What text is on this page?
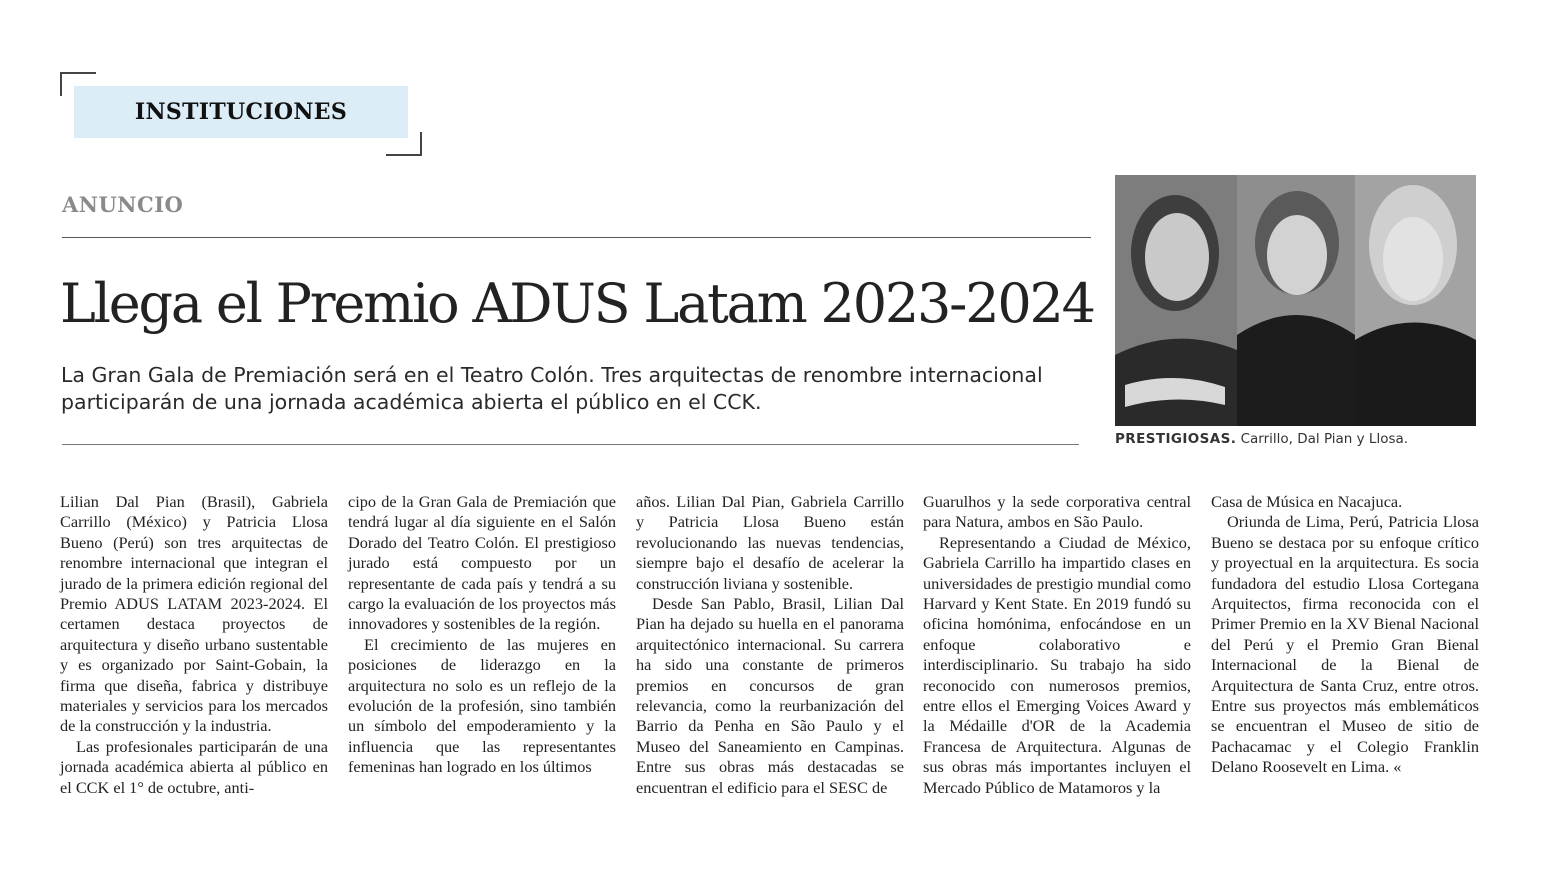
INSTITUCIONES
ANUNCIO
Llega el Premio ADUS Latam 2023-2024

La Gran Gala de Premiación será en el Teatro Colón. Tres arquitectas de renombre internacional participarán de una jornada académica abierta el público en el CCK.

PRESTIGIOSAS. Carrillo, Dal Pian y Llosa.

Lilian Dal Pian (Brasil), Gabriela Carrillo (México) y Patricia Llosa Bueno (Perú) son tres arquitectas de renombre internacional que integran el jurado de la primera edición regional del Premio ADUS LATAM 2023-2024. El certamen destaca proyectos de arquitectura y diseño urbano sustentable y es organizado por Saint-Gobain, la firma que diseña, fabrica y distribuye materiales y servicios para los mercados de la construcción y la industria.

Las profesionales participarán de una jornada académica abierta al público en el CCK el 1° de octubre, anti-

cipo de la Gran Gala de Premiación que tendrá lugar al día siguiente en el Salón Dorado del Teatro Colón. El prestigioso jurado está compuesto por un representante de cada país y tendrá a su cargo la evaluación de los proyectos más innovadores y sostenibles de la región.

El crecimiento de las mujeres en posiciones de liderazgo en la arquitectura no solo es un reflejo de la evolución de la profesión, sino también un símbolo del empoderamiento y la influencia que las representantes femeninas han logrado en los últimos

años. Lilian Dal Pian, Gabriela Carrillo y Patricia Llosa Bueno están revolucionando las nuevas tendencias, siempre bajo el desafío de acelerar la construcción liviana y sostenible.

Desde San Pablo, Brasil, Lilian Dal Pian ha dejado su huella en el panorama arquitectónico internacional. Su carrera ha sido una constante de primeros premios en concursos de gran relevancia, como la reurbanización del Barrio da Penha en São Paulo y el Museo del Saneamiento en Campinas. Entre sus obras más destacadas se encuentran el edificio para el SESC de

Guarulhos y la sede corporativa central para Natura, ambos en São Paulo.

Representando a Ciudad de México, Gabriela Carrillo ha impartido clases en universidades de prestigio mundial como Harvard y Kent State. En 2019 fundó su oficina homónima, enfocándose en un enfoque colaborativo e interdisciplinario. Su trabajo ha sido reconocido con numerosos premios, entre ellos el Emerging Voices Award y la Médaille d'OR de la Academia Francesa de Arquitectura. Algunas de sus obras más importantes incluyen el Mercado Público de Matamoros y la

Casa de Música en Nacajuca.

Oriunda de Lima, Perú, Patricia Llosa Bueno se destaca por su enfoque crítico y proyectual en la arquitectura. Es socia fundadora del estudio Llosa Cortegana Arquitectos, firma reconocida con el Primer Premio en la XV Bienal Nacional del Perú y el Premio Gran Bienal Internacional de la Bienal de Arquitectura de Santa Cruz, entre otros. Entre sus proyectos más emblemáticos se encuentran el Museo de sitio de Pachacamac y el Colegio Franklin Delano Roosevelt en Lima. «
